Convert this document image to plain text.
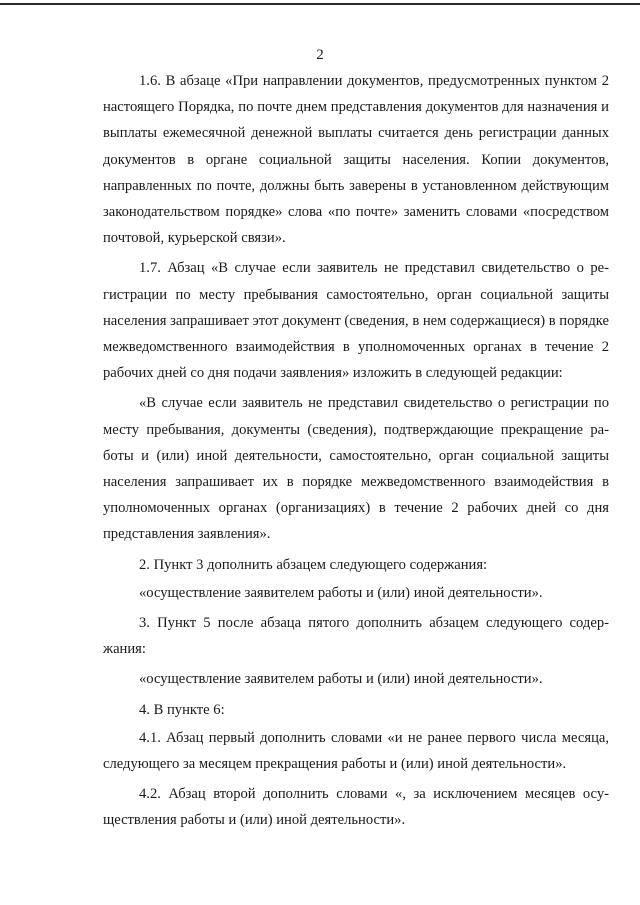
2

1.6. В абзаце «При направлении документов, предусмотренных пунктом 2 настоящего Порядка, по почте днем представления документов для назначения и выплаты ежемесячной денежной выплаты считается день регистрации данных документов в органе социальной защиты населения. Копии документов, направленных по почте, должны быть заверены в установленном действующим законодательством порядке» слова «по почте» заменить словами «посредством почтовой, курьерской связи».

1.7. Абзац «В случае если заявитель не представил свидетельство о регистрации по месту пребывания самостоятельно, орган социальной защиты населения запрашивает этот документ (сведения, в нем содержащиеся) в порядке межведомственного взаимодействия в уполномоченных органах в течение 2 рабочих дней со дня подачи заявления» изложить в следующей редакции:

«В случае если заявитель не представил свидетельство о регистрации по месту пребывания, документы (сведения), подтверждающие прекращение работы и (или) иной деятельности, самостоятельно, орган социальной защиты населения запрашивает их в порядке межведомственного взаимодействия в уполномоченных органах (организациях) в течение 2 рабочих дней со дня представления заявления».

2. Пункт 3 дополнить абзацем следующего содержания:

«осуществление заявителем работы и (или) иной деятельности».

3. Пункт 5 после абзаца пятого дополнить абзацем следующего содержания:

«осуществление заявителем работы и (или) иной деятельности».

4. В пункте 6:

4.1. Абзац первый дополнить словами «и не ранее первого числа месяца, следующего за месяцем прекращения работы и (или) иной деятельности».

4.2. Абзац второй дополнить словами «, за исключением месяцев осуществления работы и (или) иной деятельности».
